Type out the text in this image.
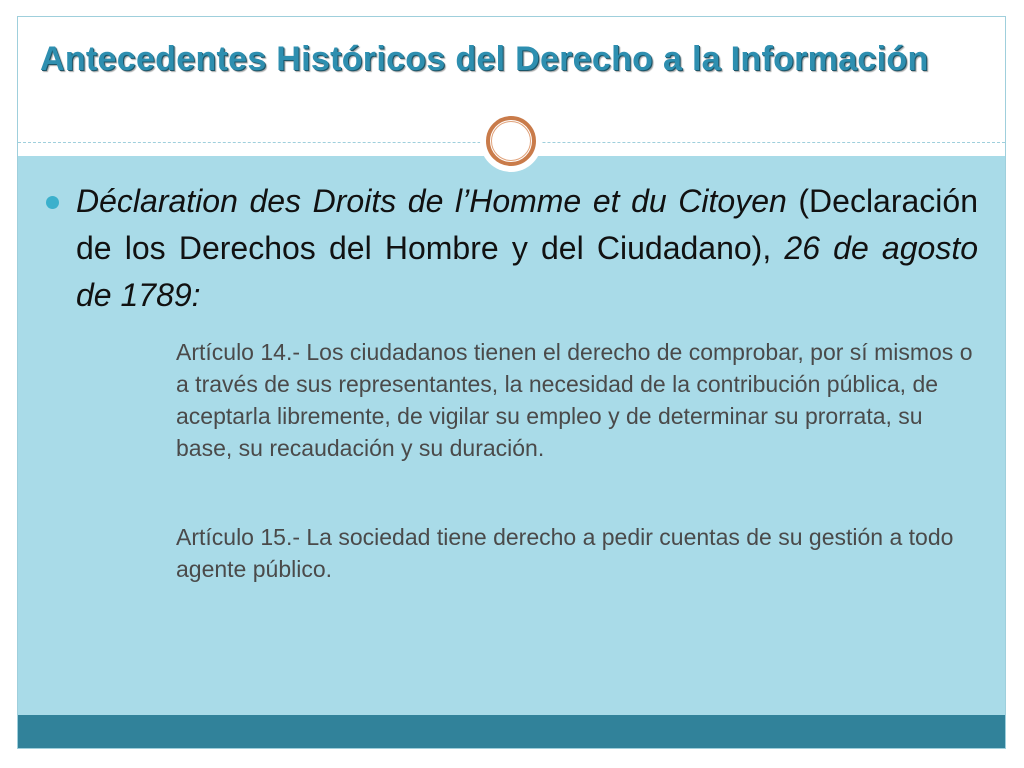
Antecedentes Históricos del Derecho a la Información

Déclaration des Droits de l’Homme et du Citoyen (Declaración de los Derechos del Hombre y del Ciudadano), 26 de agosto de 1789:

Artículo 14.- Los ciudadanos tienen el derecho de comprobar, por sí mismos o a través de sus representantes, la necesidad de la contribución pública, de aceptarla libremente, de vigilar su empleo y de determinar su prorrata, su base, su recaudación y su duración.

Artículo 15.- La sociedad tiene derecho a pedir cuentas de su gestión a todo agente público.
